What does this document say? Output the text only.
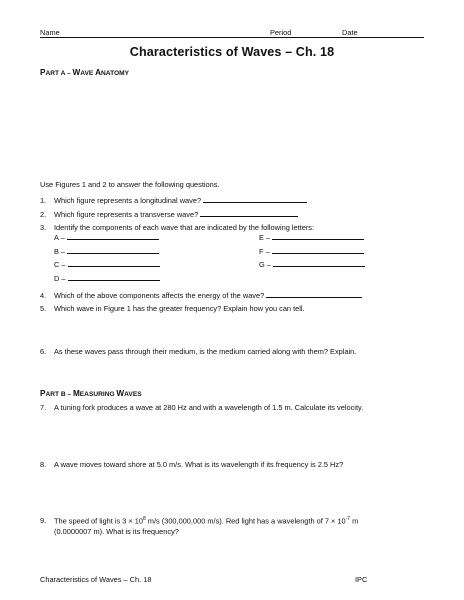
Name	Period	Date
Characteristics of Waves – Ch. 18
PART A – WAVE ANATOMY
Use Figures 1 and 2 to answer the following questions.
1. Which figure represents a longitudinal wave?
2. Which figure represents a transverse wave?
3. Identify the components of each wave that are indicated by the following letters:
A –
B –
C –
D –
E –
F –
G –
4. Which of the above components affects the energy of the wave?
5. Which wave in Figure 1 has the greater frequency? Explain how you can tell.
6. As these waves pass through their medium, is the medium carried along with them? Explain.
PART B – MEASURING WAVES
7. A tuning fork produces a wave at 280 Hz and with a wavelength of 1.5 m. Calculate its velocity.
8. A wave moves toward shore at 5.0 m/s. What is its wavelength if its frequency is 2.5 Hz?
9. The speed of light is $3 \times 10^8$ m/s (300,000,000 m/s). Red light has a wavelength of $7 \times 10^{-7}$ m
(0.0000007 m). What is its frequency?
Characteristics of Waves – Ch. 18	IPC
